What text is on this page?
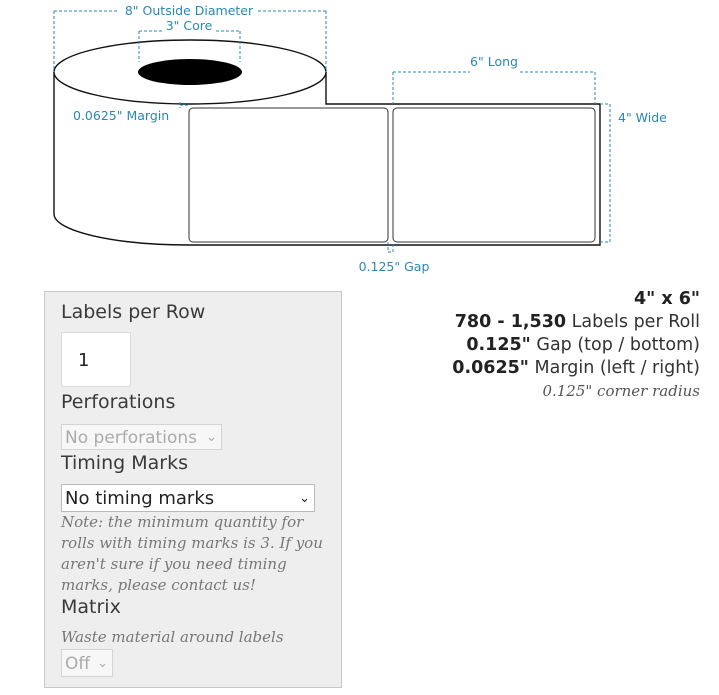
8" Outside Diameter
3" Core
6" Long
4" Wide
0.0625" Margin
0.125" Gap
Labels per Row
1
Perforations
No perforations ⌄
Timing Marks
No timing marks	⌄
Note: the minimum quantity for rolls with timing marks is 3. If you aren't sure if you need timing marks, please contact us!
Matrix
Waste material around labels
Off ⌄
4" x 6"
780 - 1,530 Labels per Roll
0.125" Gap (top / bottom)
0.0625" Margin (left / right)
0.125" corner radius
